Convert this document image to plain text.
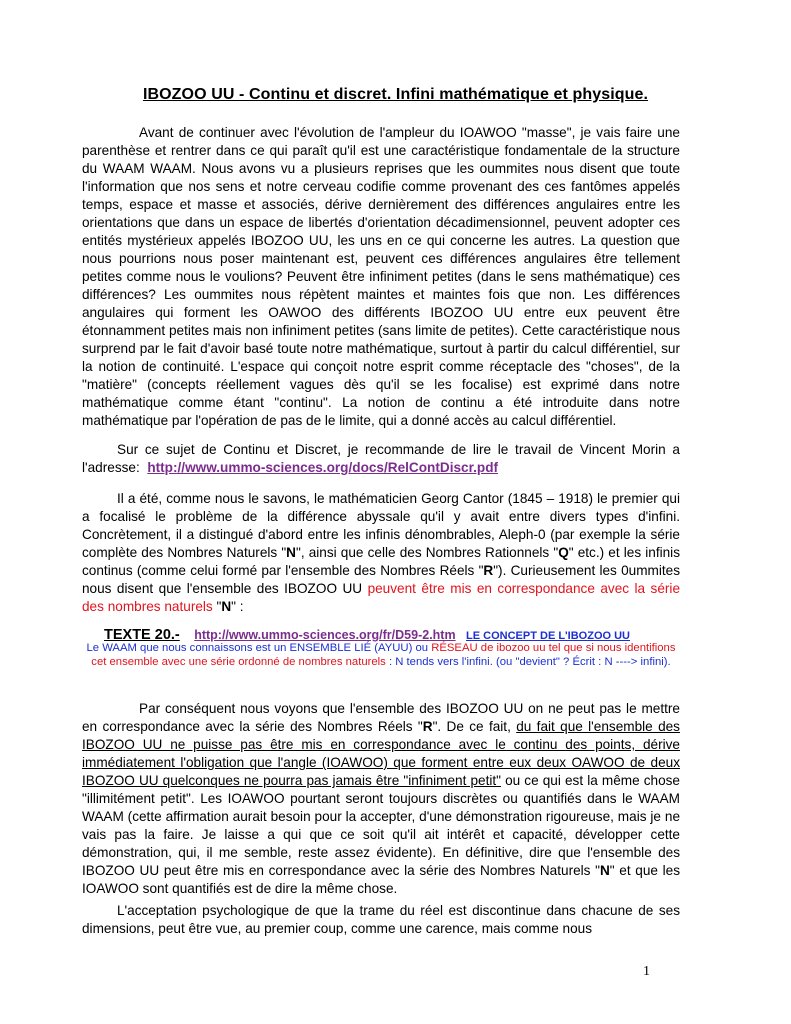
IBOZOO UU - Continu et discret. Infini mathématique et physique.

Avant de continuer avec l'évolution de l'ampleur du IOAWOO "masse", je vais faire une parenthèse et rentrer dans ce qui paraît qu'il est une caractéristique fondamentale de la structure du WAAM WAAM. Nous avons vu a plusieurs reprises que les oummites nous disent que toute l'information que nos sens et notre cerveau codifie comme provenant des ces fantômes appelés temps, espace et masse et associés, dérive dernièrement des différences angulaires entre les orientations que dans un espace de libertés d'orientation décadimensionnel, peuvent adopter ces entités mystérieux appelés IBOZOO UU, les uns en ce qui concerne les autres. La question que nous pourrions nous poser maintenant est, peuvent ces différences angulaires être tellement petites comme nous le voulions? Peuvent être infiniment petites (dans le sens mathématique) ces différences? Les oummites nous répètent maintes et maintes fois que non. Les différences angulaires qui forment les OAWOO des différents IBOZOO UU entre eux peuvent être étonnamment petites mais non infiniment petites (sans limite de petites). Cette caractéristique nous surprend par le fait d'avoir basé toute notre mathématique, surtout à partir du calcul différentiel, sur la notion de continuité. L'espace qui conçoit notre esprit comme réceptacle des "choses", de la "matière" (concepts réellement vagues dès qu'il se les focalise) est exprimé dans notre mathématique comme étant "continu". La notion de continu a été introduite dans notre mathématique par l'opération de pas de le limite, qui a donné accès au calcul différentiel.

Sur ce sujet de Continu et Discret, je recommande de lire le travail de Vincent Morin a l'adresse: http://www.ummo-sciences.org/docs/RelContDiscr.pdf

Il a été, comme nous le savons, le mathématicien Georg Cantor (1845 – 1918) le premier qui a focalisé le problème de la différence abyssale qu'il y avait entre divers types d'infini. Concrètement, il a distingué d'abord entre les infinis dénombrables, Aleph-0 (par exemple la série complète des Nombres Naturels "N", ainsi que celle des Nombres Rationnels "Q" etc.) et les infinis continus (comme celui formé par l'ensemble des Nombres Réels "R"). Curieusement les 0ummites nous disent que l'ensemble des IBOZOO UU peuvent être mis en correspondance avec la série des nombres naturels "N" :

TEXTE 20.- http://www.ummo-sciences.org/fr/D59-2.htm LE CONCEPT DE L'IBOZOO UU

Le WAAM que nous connaissons est un ENSEMBLE LIÉ (AYUU) ou RÉSEAU de ibozoo uu tel que si nous identifions cet ensemble avec une série ordonné de nombres naturels : N tends vers l'infini. (ou "devient" ? Écrit : N ----> infini).

Par conséquent nous voyons que l'ensemble des IBOZOO UU on ne peut pas le mettre en correspondance avec la série des Nombres Réels "R". De ce fait, du fait que l'ensemble des IBOZOO UU ne puisse pas être mis en correspondance avec le continu des points, dérive immédiatement l'obligation que l'angle (IOAWOO) que forment entre eux deux OAWOO de deux IBOZOO UU quelconques ne pourra pas jamais être "infiniment petit" ou ce qui est la même chose "illimitément petit". Les IOAWOO pourtant seront toujours discrètes ou quantifiés dans le WAAM WAAM (cette affirmation aurait besoin pour la accepter, d'une démonstration rigoureuse, mais je ne vais pas la faire. Je laisse a qui que ce soit qu'il ait intérêt et capacité, développer cette démonstration, qui, il me semble, reste assez évidente). En définitive, dire que l'ensemble des IBOZOO UU peut être mis en correspondance avec la série des Nombres Naturels "N" et que les IOAWOO sont quantifiés est de dire la même chose.

L'acceptation psychologique de que la trame du réel est discontinue dans chacune de ses dimensions, peut être vue, au premier coup, comme une carence, mais comme nous

1
